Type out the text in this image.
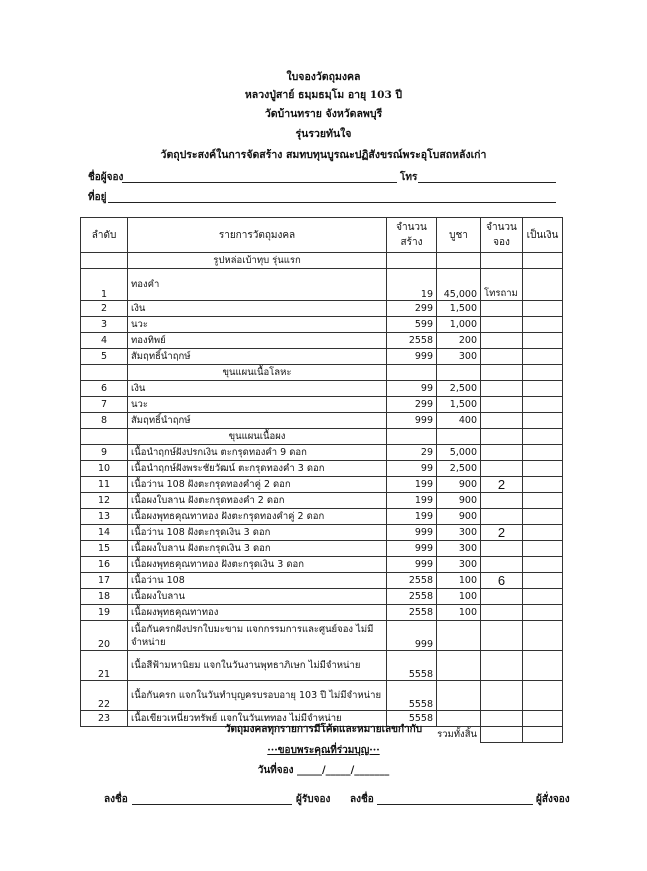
ใบจองวัตถุมงคล
หลวงปู่สาย์ ธมฺมธมฺโม อายุ 103 ปี
วัดบ้านทราย จังหวัดลพบุรี
รุ่นรวยทันใจ
วัตถุประสงค์ในการจัดสร้าง สมทบทุนบูรณะปฏิสังขรณ์พระอุโบสถหลังเก่า
ชื่อผู้จอง	โทร
ที่อยู่
ลำดับ	รายการวัตถุมงคล	จำนวนสร้าง	บูชา	จำนวนจอง	เป็นเงิน
	รูปหล่อเบ้าทุบ รุ่นแรก				
1	ทองคำ	19	45,000	โทรถาม	
2	เงิน	299	1,500		
3	นวะ	599	1,000		
4	ทองทิพย์	2558	200		
5	สัมฤทธิ์นำฤกษ์	999	300		
	ขุนแผนเนื้อโลหะ				
6	เงิน	99	2,500		
7	นวะ	299	1,500		
8	สัมฤทธิ์นำฤกษ์	999	400		
	ขุนแผนเนื้อผง				
9	เนื้อนำฤกษ์ฝังปรกเงิน ตะกรุดทองคำ 9 ดอก	29	5,000		
10	เนื้อนำฤกษ์ฝังพระชัยวัฒน์ ตะกรุดทองคำ 3 ดอก	99	2,500		
11	เนื้อว่าน 108 ฝังตะกรุดทองคำคู่ 2 ดอก	199	900	2	
12	เนื้อผงใบลาน ฝังตะกรุดทองคำ 2 ดอก	199	900		
13	เนื้อผงพุทธคุณทาทอง ฝังตะกรุดทองคำคู่ 2 ดอก	199	900		
14	เนื้อว่าน 108 ฝังตะกรุดเงิน 3 ดอก	999	300	2	
15	เนื้อผงใบลาน ฝังตะกรุดเงิน 3 ดอก	999	300		
16	เนื้อผงพุทธคุณทาทอง ฝังตะกรุดเงิน 3 ดอก	999	300		
17	เนื้อว่าน 108	2558	100	6	
18	เนื้อผงใบลาน	2558	100		
19	เนื้อผงพุทธคุณทาทอง	2558	100		
20	เนื้อกันครกฝังปรกใบมะขาม แจกกรรมการและศูนย์จอง ไม่มีจำหน่าย	999			
21	เนื้อสีฟ้ามหานิยม แจกในวันงานพุทธาภิเษก ไม่มีจำหน่าย	5558			
22	เนื้อกันครก แจกในวันทำบุญครบรอบอายุ 103 ปี ไม่มีจำหน่าย	5558			
23	เนื้อเขียวเหนี่ยวทรัพย์ แจกในวันเททอง ไม่มีจำหน่าย	5558			
รวมทั้งสิ้น					
วัตถุมงคลทุกรายการมีโค้ดและหมายเลขกำกับ
···ขอบพระคุณที่ร่วมบุญ···
วันที่จอง _____/_____/_______
ลงชื่อ	ผู้รับจอง ลงชื่อ	ผู้สั่งจอง
